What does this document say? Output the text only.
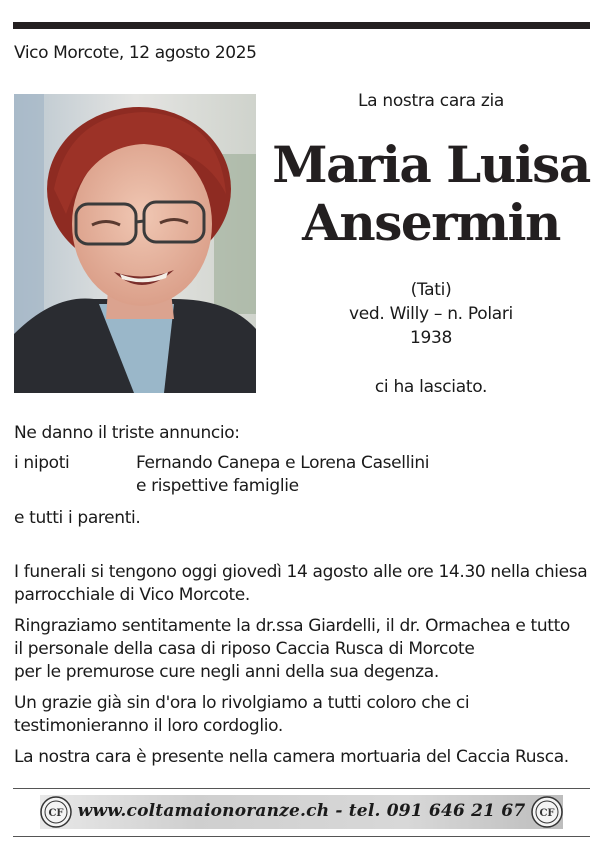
Vico Morcote, 12 agosto 2025
La nostra cara zia
Maria Luisa
Ansermin
(Tati)
ved. Willy – n. Polari
1938
ci ha lasciato.
Ne danno il triste annuncio:
i nipoti	Fernando Canepa e Lorena Casellini
e rispettive famiglie
e tutti i parenti.
I funerali si tengono oggi giovedì 14 agosto alle ore 14.30 nella chiesa
parrocchiale di Vico Morcote.
Ringraziamo sentitamente la dr.ssa Giardelli, il dr. Ormachea e tutto
il personale della casa di riposo Caccia Rusca di Morcote
per le premurose cure negli anni della sua degenza.
Un grazie già sin d'ora lo rivolgiamo a tutti coloro che ci
testimonieranno il loro cordoglio.
La nostra cara è presente nella camera mortuaria del Caccia Rusca.
www.coltamaionoranze.ch - tel. 091 646 21 67
CF	CF
